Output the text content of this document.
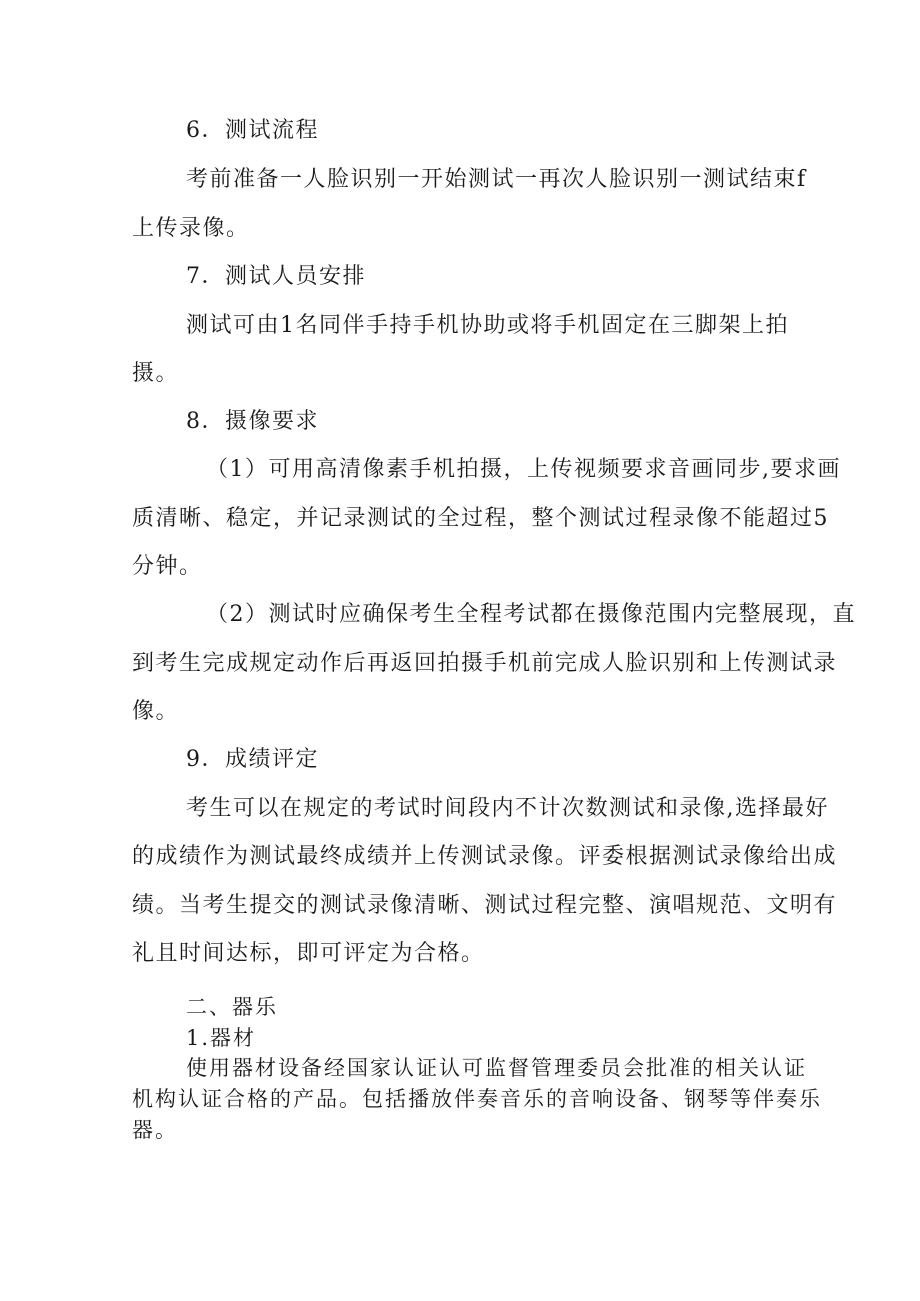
6．测试流程
考前准备一人脸识别一开始测试一再次人脸识别一测试结束f
上传录像。
7．测试人员安排
测试可由1名同伴手持手机协助或将手机固定在三脚架上拍
摄。
8．摄像要求
（1）可用高清像素手机拍摄，上传视频要求音画同步,要求画
质清晰、稳定，并记录测试的全过程，整个测试过程录像不能超过5
分钟。
（2）测试时应确保考生全程考试都在摄像范围内完整展现，直
到考生完成规定动作后再返回拍摄手机前完成人脸识别和上传测试录
像。
9．成绩评定
考生可以在规定的考试时间段内不计次数测试和录像,选择最好
的成绩作为测试最终成绩并上传测试录像。评委根据测试录像给出成
绩。当考生提交的测试录像清晰、测试过程完整、演唱规范、文明有
礼且时间达标，即可评定为合格。
二、器乐
1.器材
使用器材设备经国家认证认可监督管理委员会批准的相关认证
机构认证合格的产品。包括播放伴奏音乐的音响设备、钢琴等伴奏乐
器。
